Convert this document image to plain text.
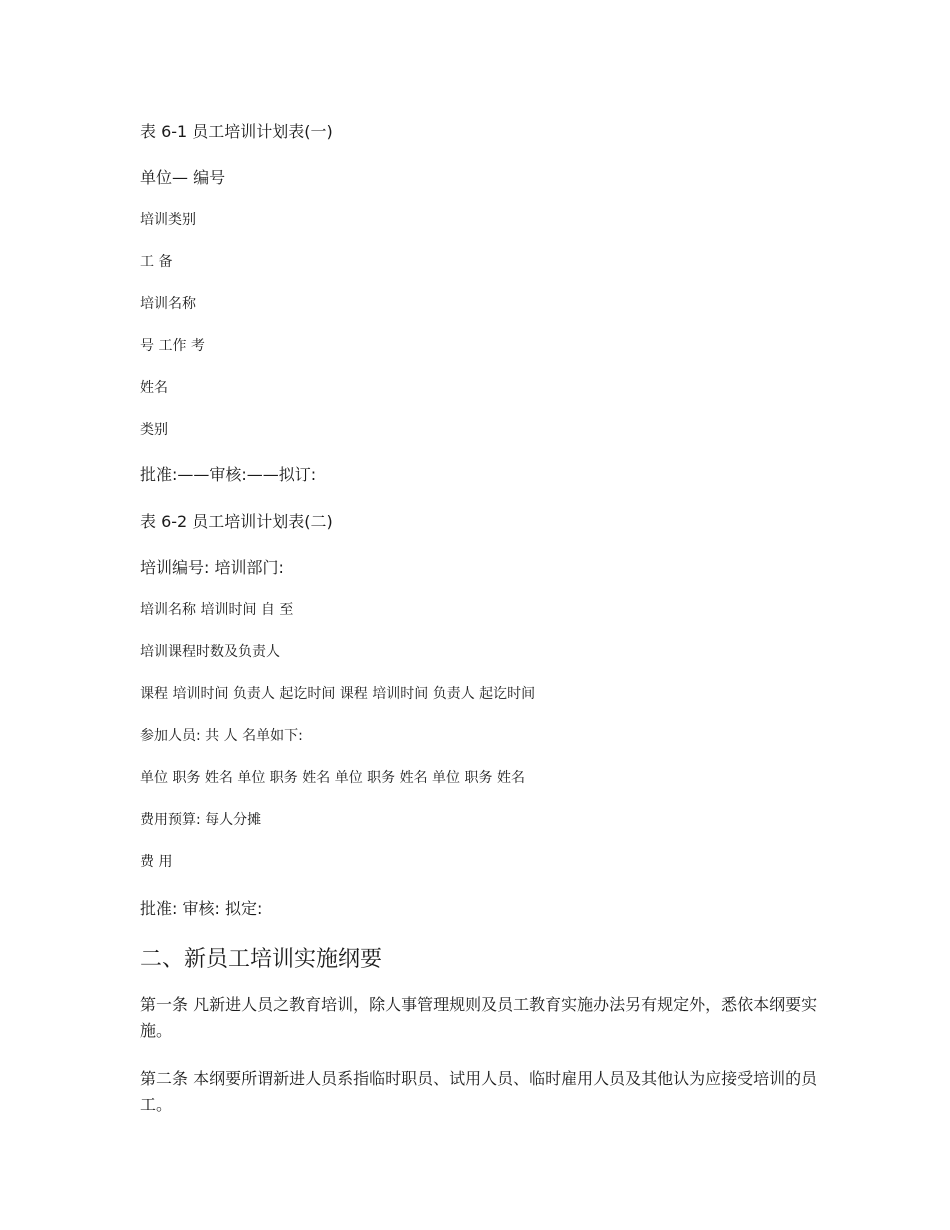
表 6-1 员工培训计划表(一)

单位— 编号

培训类别

工 备

培训名称

号 工作 考

姓名

类别

批准:——审核:——拟订:

表 6-2 员工培训计划表(二)

培训编号: 培训部门:

培训名称 培训时间 自 至

培训课程时数及负责人

课程 培训时间 负责人 起讫时间 课程 培训时间 负责人 起讫时间

参加人员: 共 人 名单如下:

单位 职务 姓名 单位 职务 姓名 单位 职务 姓名 单位 职务 姓名

费用预算: 每人分摊

费 用

批准: 审核: 拟定:

二、新员工培训实施纲要

第一条 凡新进人员之教育培训，除人事管理规则及员工教育实施办法另有规定外，悉依本纲要实施。

第二条 本纲要所谓新进人员系指临时职员、试用人员、临时雇用人员及其他认为应接受培训的员工。
